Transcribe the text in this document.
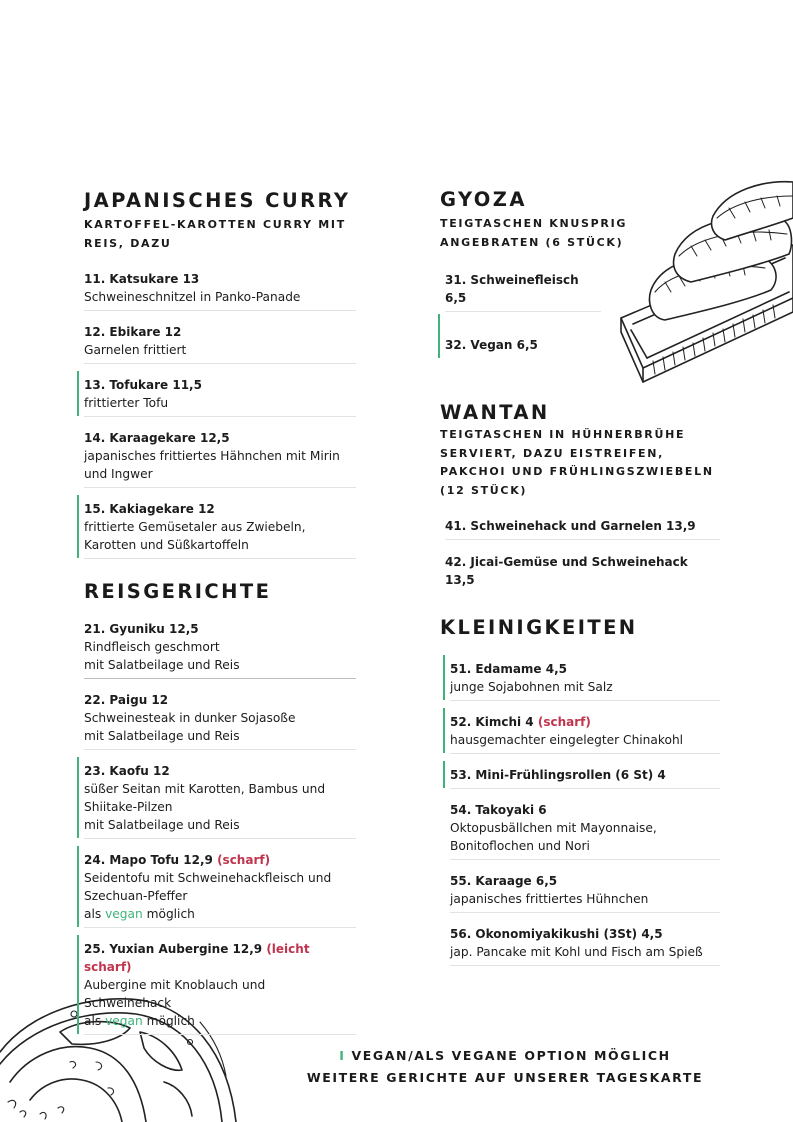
JAPANISCHES CURRY
KARTOFFEL-KAROTTEN CURRY MIT REIS, DAZU
11. Katsukare 13
Schweineschnitzel in Panko-Panade
12. Ebikare 12
Garnelen frittiert
13. Tofukare 11,5
frittierter Tofu
14. Karaagekare 12,5
japanisches frittiertes Hähnchen mit Mirin und Ingwer
15. Kakiagekare 12
frittierte Gemüsetaler aus Zwiebeln, Karotten und Süßkartoffeln
REISGERICHTE
21. Gyuniku 12,5
Rindfleisch geschmort
mit Salatbeilage und Reis
22. Paigu 12
Schweinesteak in dunker Sojasoße
mit Salatbeilage und Reis
23. Kaofu 12
süßer Seitan mit Karotten, Bambus und Shiitake-Pilzen
mit Salatbeilage und Reis
24. Mapo Tofu 12,9 (scharf)
Seidentofu mit Schweinehackfleisch und Szechuan-Pfeffer
als vegan möglich
25. Yuxian Aubergine 12,9 (leicht scharf)
Aubergine mit Knoblauch und Schweinehack
als vegan möglich
GYOZA
TEIGTASCHEN KNUSPRIG ANGEBRATEN (6 STÜCK)
31. Schweinefleisch 6,5
32. Vegan 6,5
WANTAN
TEIGTASCHEN IN HÜHNERBRÜHE SERVIERT, DAZU EISTREIFEN, PAKCHOI UND FRÜHLINGSZWIEBELN (12 STÜCK)
41. Schweinehack und Garnelen 13,9
42. Jicai-Gemüse und Schweinehack 13,5
KLEINIGKEITEN
51. Edamame 4,5
junge Sojabohnen mit Salz
52. Kimchi 4 (scharf)
hausgemachter eingelegter Chinakohl
53. Mini-Frühlingsrollen (6 St) 4
54. Takoyaki 6
Oktopusbällchen mit Mayonnaise, Bonitoflochen und Nori
55. Karaage 6,5
japanisches frittiertes Hühnchen
56. Okonomiyakikushi (3St) 4,5
jap. Pancake mit Kohl und Fisch am Spieß
I VEGAN/ALS VEGANE OPTION MÖGLICH
WEITERE GERICHTE AUF UNSERER TAGESKARTE
